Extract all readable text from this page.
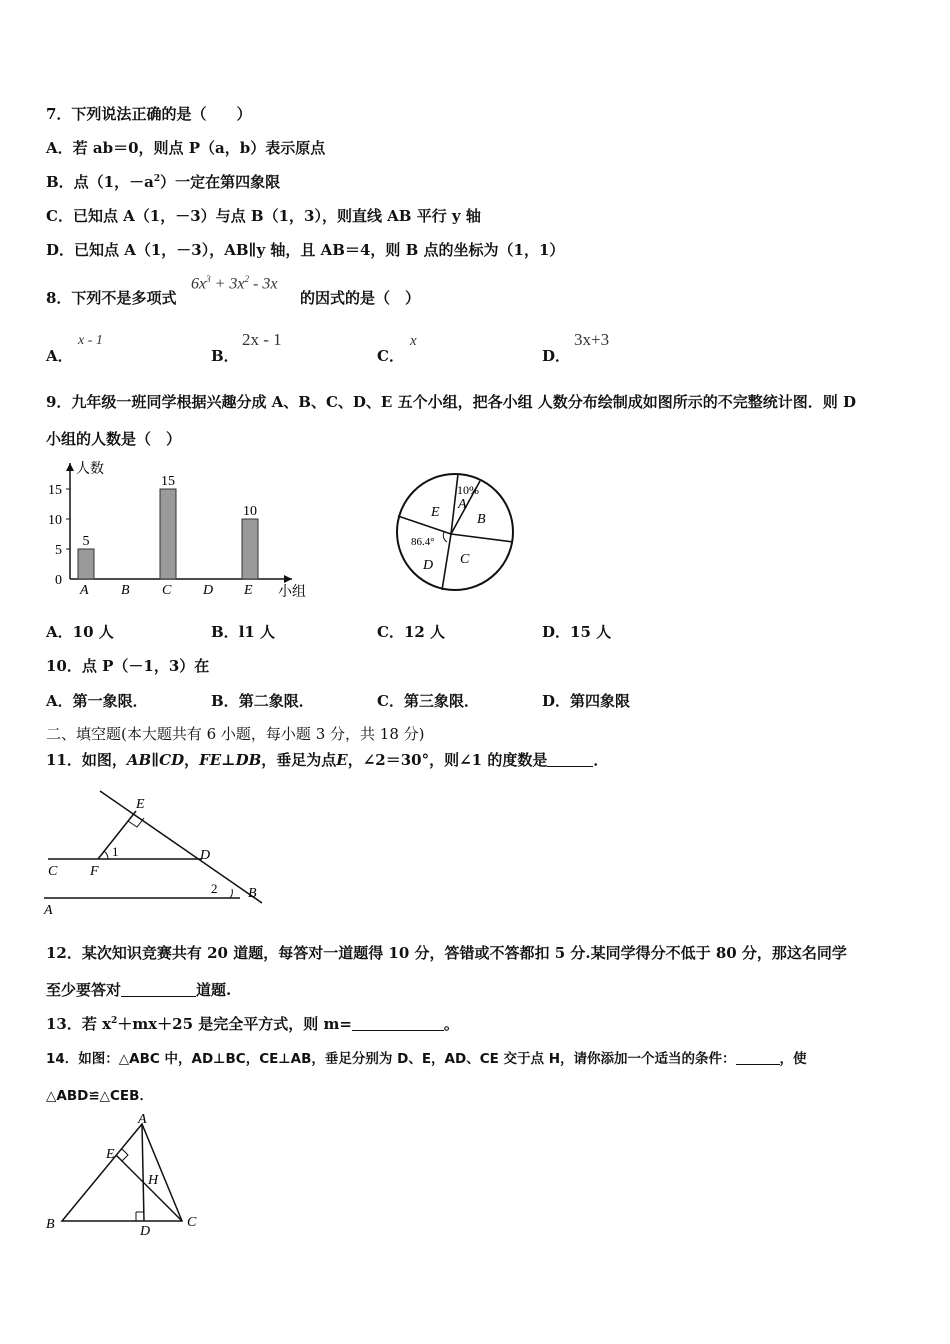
7．下列说法正确的是（　　）
A．若 ab＝0，则点 P（a，b）表示原点
B．点（1，$-a^2$）一定在第四象限
C．已知点 A（1，－3）与点 B（1，3），则直线 AB 平行 y 轴
D．已知点 A（1，－3），AB∥y 轴，且 AB＝4，则 B 点的坐标为（1，1）
8．下列不是多项式
$6x^3 + 3x^2 - 3x$
的因式的是（　）
A．
x - 1
B．
2x - 1
C．
x
D．
3x+3
9．九年级一班同学根据兴趣分成 A、B、C、D、E 五个小组，把各小组 人数分布绘制成如图所示的不完整统计图．则 D
小组的人数是（　）
0
5
10
15
人数
小组
A
5
B C
15
D E
10
10%
A
B
C
D
E
86.4°
A．10 人	B．l1 人	C．12 人	D．15 人
10．点 P（－1，3）在
A．第一象限．	B．第二象限．	C．第三象限．	D．第四象限
二、填空题(本大题共有 6 小题，每小题 3 分，共 18 分)
11．如图，AB∥CD，FE⊥DB，垂足为点E，∠2＝30°，则∠1 的度数是	．
E
1	D
C F
2 B
A
12．某次知识竞赛共有 20 道题，每答对一道题得 10 分，答错或不答都扣 5 分.某同学得分不低于 80 分，那这名同学
至少要答对	道题.
13．若 $x^2+mx+25$ 是完全平方式，则 m=	。
14．如图：△ABC 中，AD⊥BC，CE⊥AB，垂足分别为 D、E，AD、CE 交于点 H，请你添加一个适当的条件：	，使
△ABD≌△CEB．
A
E
H
B	D
C
